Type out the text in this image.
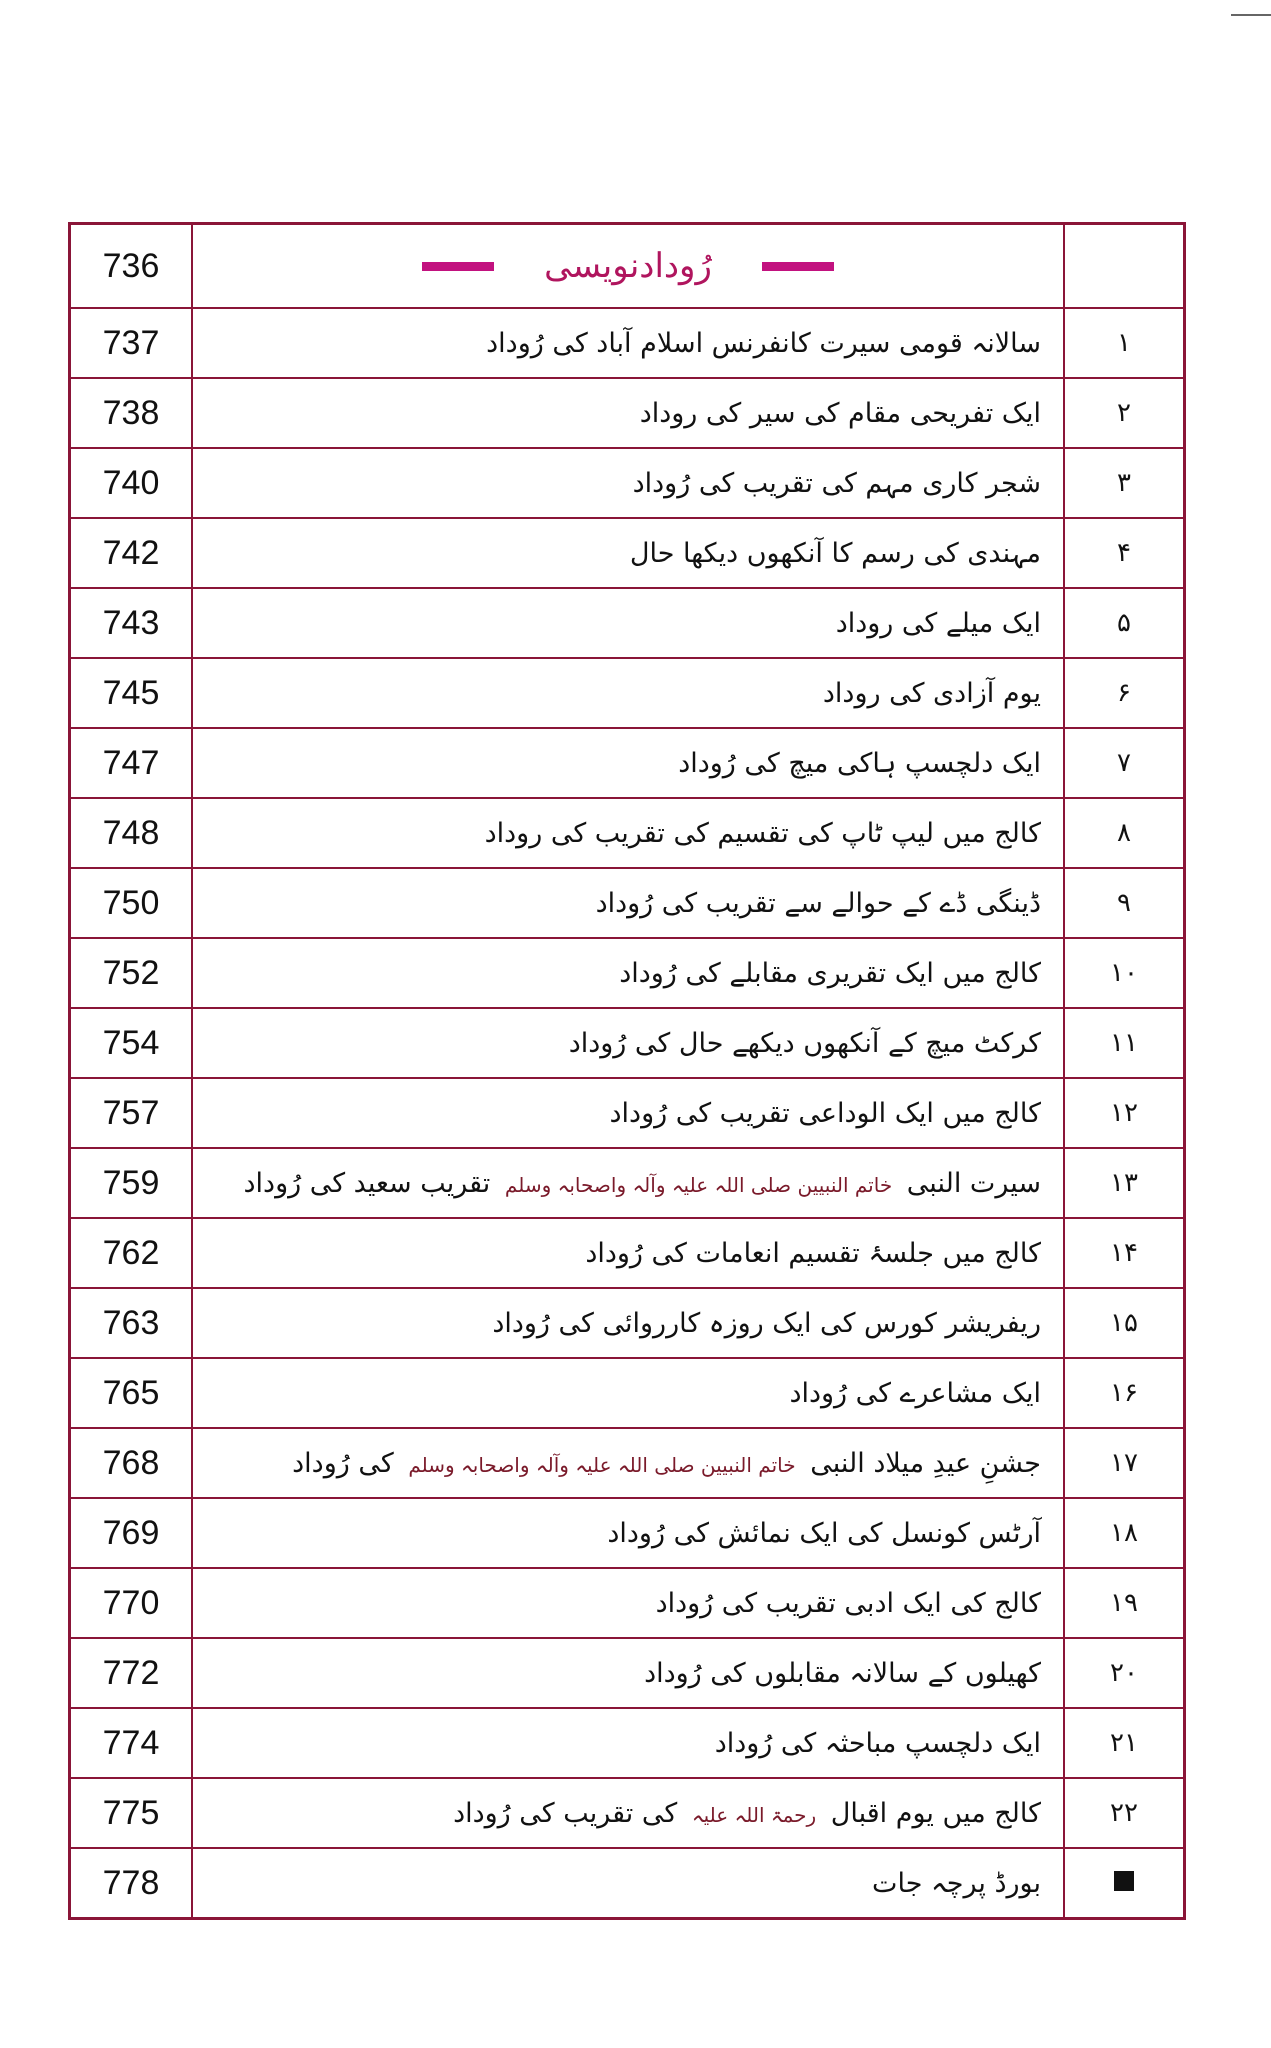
736	رُودادنویسی	

737	سالانہ قومی سیرت کانفرنس اسلام آباد کی رُوداد	۱
738	ایک تفریحی مقام کی سیر کی روداد	۲
740	شجر کاری مہم کی تقریب کی رُوداد	۳
742	مہندی کی رسم کا آنکھوں دیکھا حال	۴
743	ایک میلے کی روداد	۵
745	یوم آزادی کی روداد	۶
747	ایک دلچسپ ہاکی میچ کی رُوداد	۷
748	کالج میں لیپ ٹاپ کی تقسیم کی تقریب کی روداد	۸
750	ڈینگی ڈے کے حوالے سے تقریب کی رُوداد	۹
752	کالج میں ایک تقریری مقابلے کی رُوداد	۱۰
754	کرکٹ میچ کے آنکھوں دیکھے حال کی رُوداد	۱۱
757	کالج میں ایک الوداعی تقریب کی رُوداد	۱۲
759	سیرت النبی خاتم النبیین صلی اللہ علیہ وآلہ واصحابہ وسلم تقریب سعید کی رُوداد	۱۳
762	کالج میں جلسۂ تقسیم انعامات کی رُوداد	۱۴
763	ریفریشر کورس کی ایک روزہ کارروائی کی رُوداد	۱۵
765	ایک مشاعرے کی رُوداد	۱۶
768	جشنِ عیدِ میلاد النبی خاتم النبیین صلی اللہ علیہ وآلہ واصحابہ وسلم کی رُوداد	۱۷
769	آرٹس کونسل کی ایک نمائش کی رُوداد	۱۸
770	کالج کی ایک ادبی تقریب کی رُوداد	۱۹
772	کھیلوں کے سالانہ مقابلوں کی رُوداد	۲۰
774	ایک دلچسپ مباحثہ کی رُوداد	۲۱
775	کالج میں یوم اقبال رحمۃ اللہ علیہ کی تقریب کی رُوداد	۲۲
778	بورڈ پرچہ جات	
